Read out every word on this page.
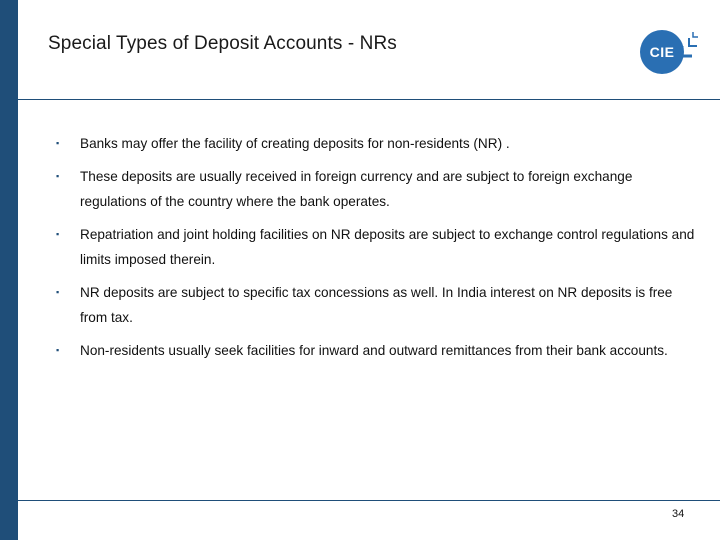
Special Types of Deposit Accounts - NRs	CIE
▪ Banks may offer the facility of creating deposits for non-residents (NR) .
▪ These deposits are usually received in foreign currency and are subject to foreign exchange regulations of the country where the bank operates.
▪ Repatriation and joint holding facilities on NR deposits are subject to exchange control regulations and limits imposed therein.
▪ NR deposits are subject to specific tax concessions as well. In India interest on NR deposits is free from tax.
▪ Non-residents usually seek facilities for inward and outward remittances from their bank accounts.
34
